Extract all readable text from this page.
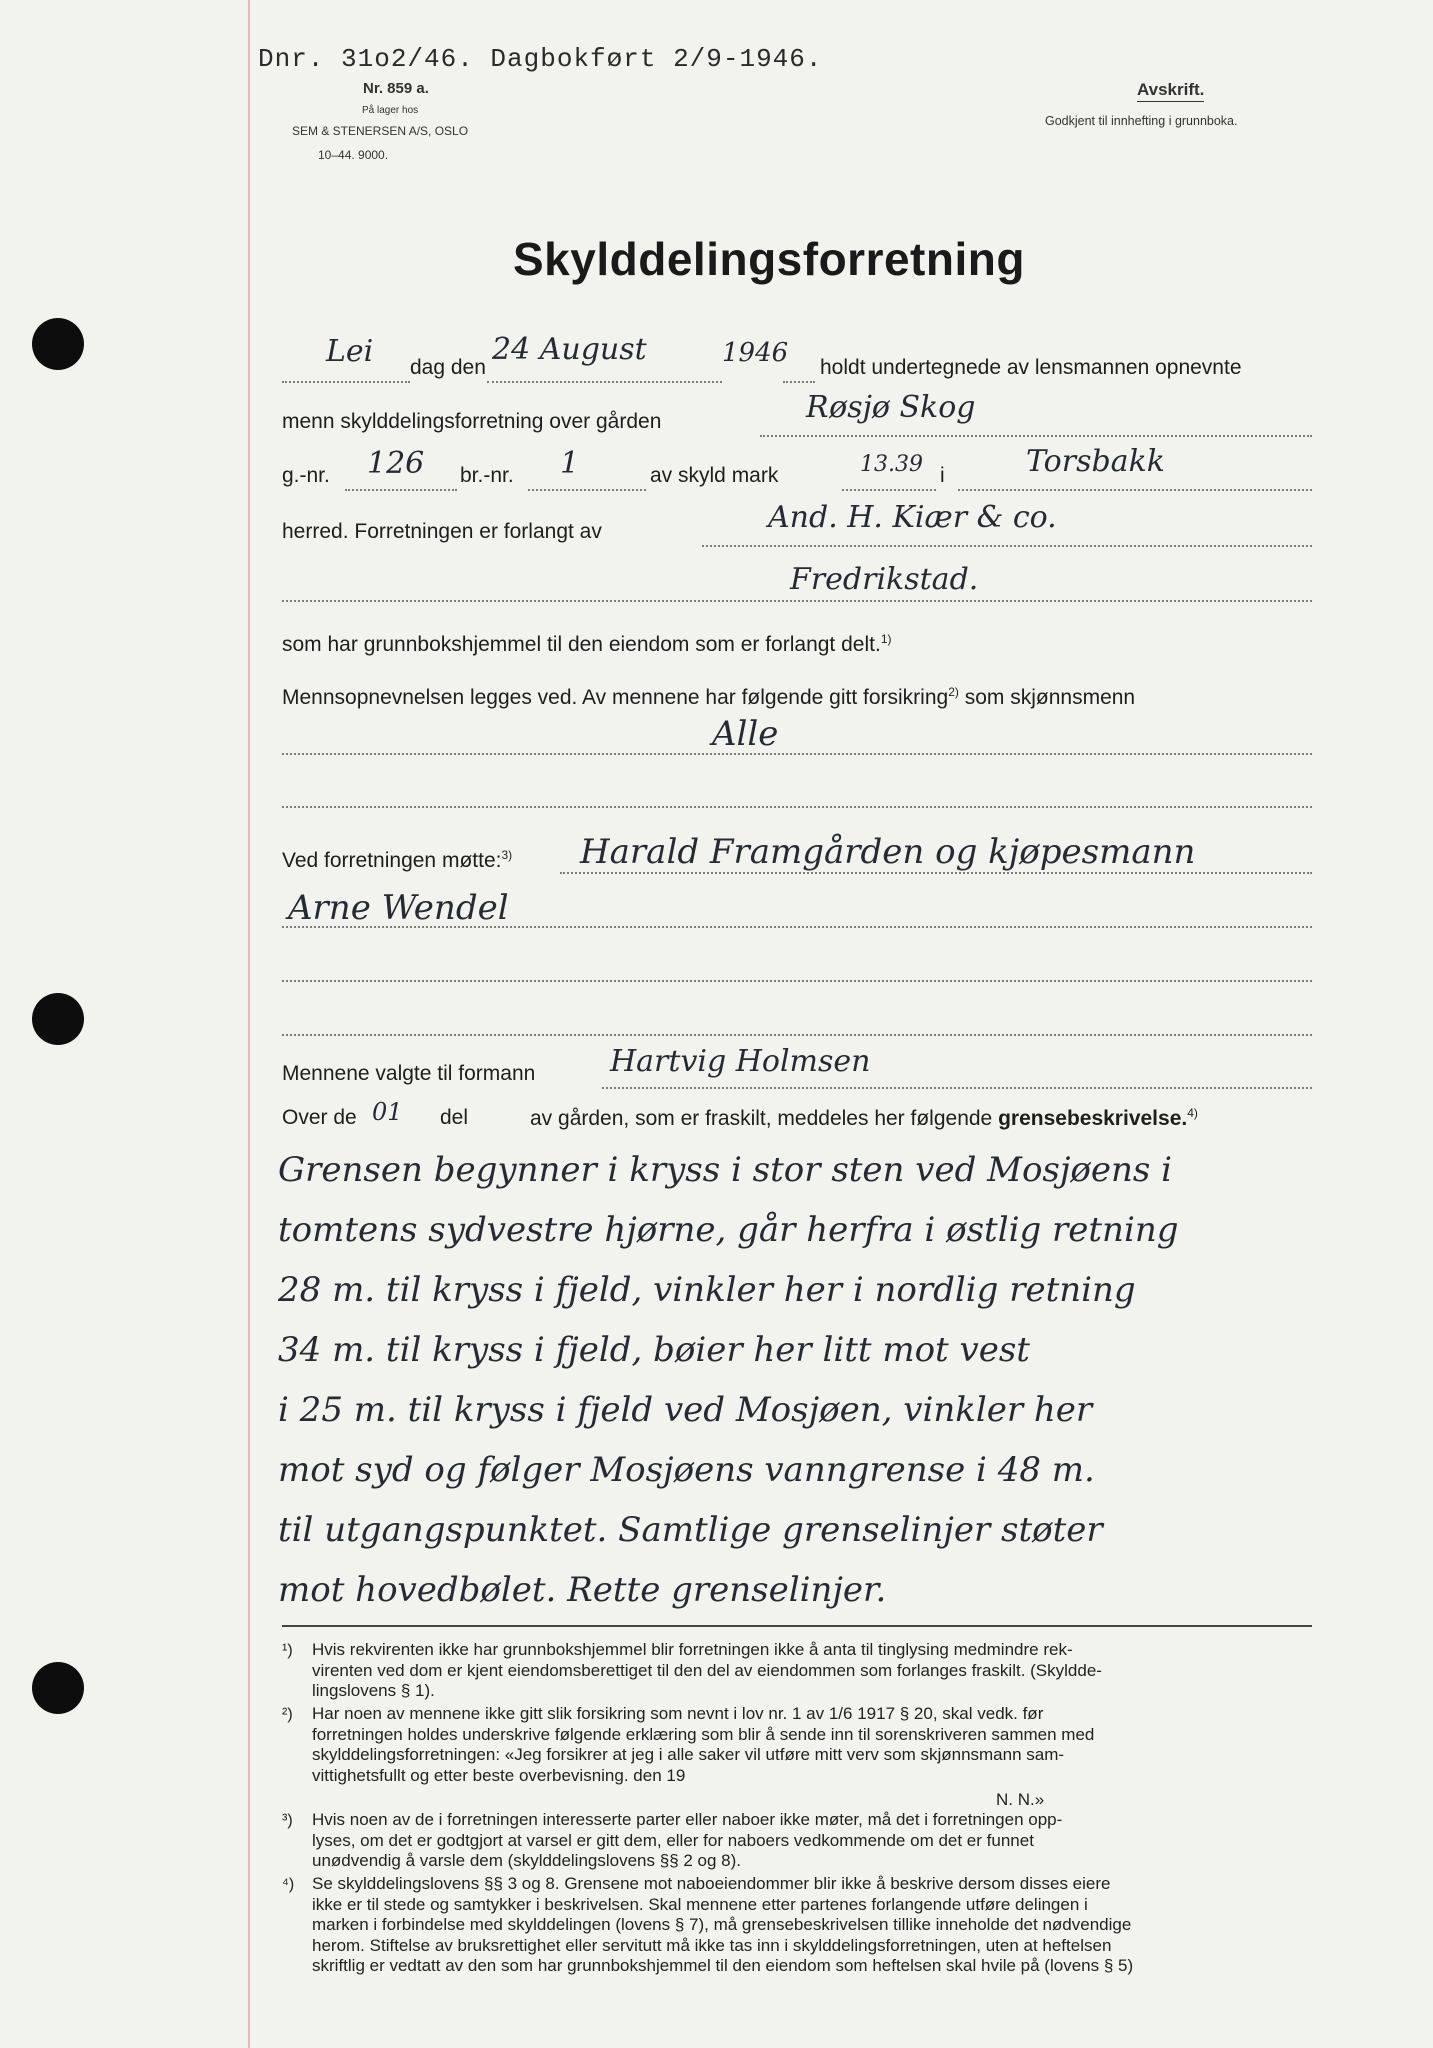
Dnr. 31o2/46. Dagbokført 2/9-1946.
Nr. 859 a.
På lager hos
SEM & STENERSEN A/S, OSLO
10–44. 9000.
Avskrift.
Godkjent til innhefting i grunnboka.
Skylddelingsforretning
Lei dag den
24 August	1946 holdt undertegnede av lensmannen opnevnte
menn skylddelingsforretning over gården	Røsjø Skog
g.-nr. 126 br.-nr. 1	av skyld mark	13.39 i	Torsbakk
herred. Forretningen er forlangt av	And. H. Kiær & co.
Fredrikstad.
som har grunnbokshjemmel til den eiendom som er forlangt delt.$^{1)}$
Mennsopnevnelsen legges ved. Av mennene har følgende gitt forsikring$^{2)}$ som skjønnsmenn
Alle
Ved forretningen møtte:$^{3)}$ Harald Framgården og kjøpesmann
Arne Wendel
Mennene valgte til formann Hartvig Holmsen
Over de 01 del	av gården, som er fraskilt, meddeles her følgende grensebeskrivelse.$^{4)}$
Grensen begynner i kryss i stor sten ved Mosjøens i
tomtens sydvestre hjørne, går herfra i østlig retning
28 m. til kryss i fjeld, vinkler her i nordlig retning
34 m. til kryss i fjeld, bøier her litt mot vest
i 25 m. til kryss i fjeld ved Mosjøen, vinkler her
mot syd og følger Mosjøens vanngrense i 48 m.
til utgangspunktet. Samtlige grenselinjer støter
mot hovedbølet. Rette grenselinjer.
¹) Hvis rekvirenten ikke har grunnbokshjemmel blir forretningen ikke å anta til tinglysing medmindre rek-
virenten ved dom er kjent eiendomsberettiget til den del av eiendommen som forlanges fraskilt. (Skyldde-
lingslovens § 1).
²) Har noen av mennene ikke gitt slik forsikring som nevnt i lov nr. 1 av 1/6 1917 § 20, skal vedk. før
forretningen holdes underskrive følgende erklæring som blir å sende inn til sorenskriveren sammen med
skylddelingsforretningen: «Jeg forsikrer at jeg i alle saker vil utføre mitt verv som skjønnsmann sam-
vittighetsfullt og etter beste overbevisning. den 19
N. N.»
³) Hvis noen av de i forretningen interesserte parter eller naboer ikke møter, må det i forretningen opp-
lyses, om det er godtgjort at varsel er gitt dem, eller for naboers vedkommende om det er funnet
unødvendig å varsle dem (skylddelingslovens §§ 2 og 8).
⁴) Se skylddelingslovens §§ 3 og 8. Grensene mot naboeiendommer blir ikke å beskrive dersom disses eiere
ikke er til stede og samtykker i beskrivelsen. Skal mennene etter partenes forlangende utføre delingen i
marken i forbindelse med skylddelingen (lovens § 7), må grensebeskrivelsen tillike inneholde det nødvendige
herom. Stiftelse av bruksrettighet eller servitutt må ikke tas inn i skylddelingsforretningen, uten at heftelsen
skriftlig er vedtatt av den som har grunnbokshjemmel til den eiendom som heftelsen skal hvile på (lovens § 5)
